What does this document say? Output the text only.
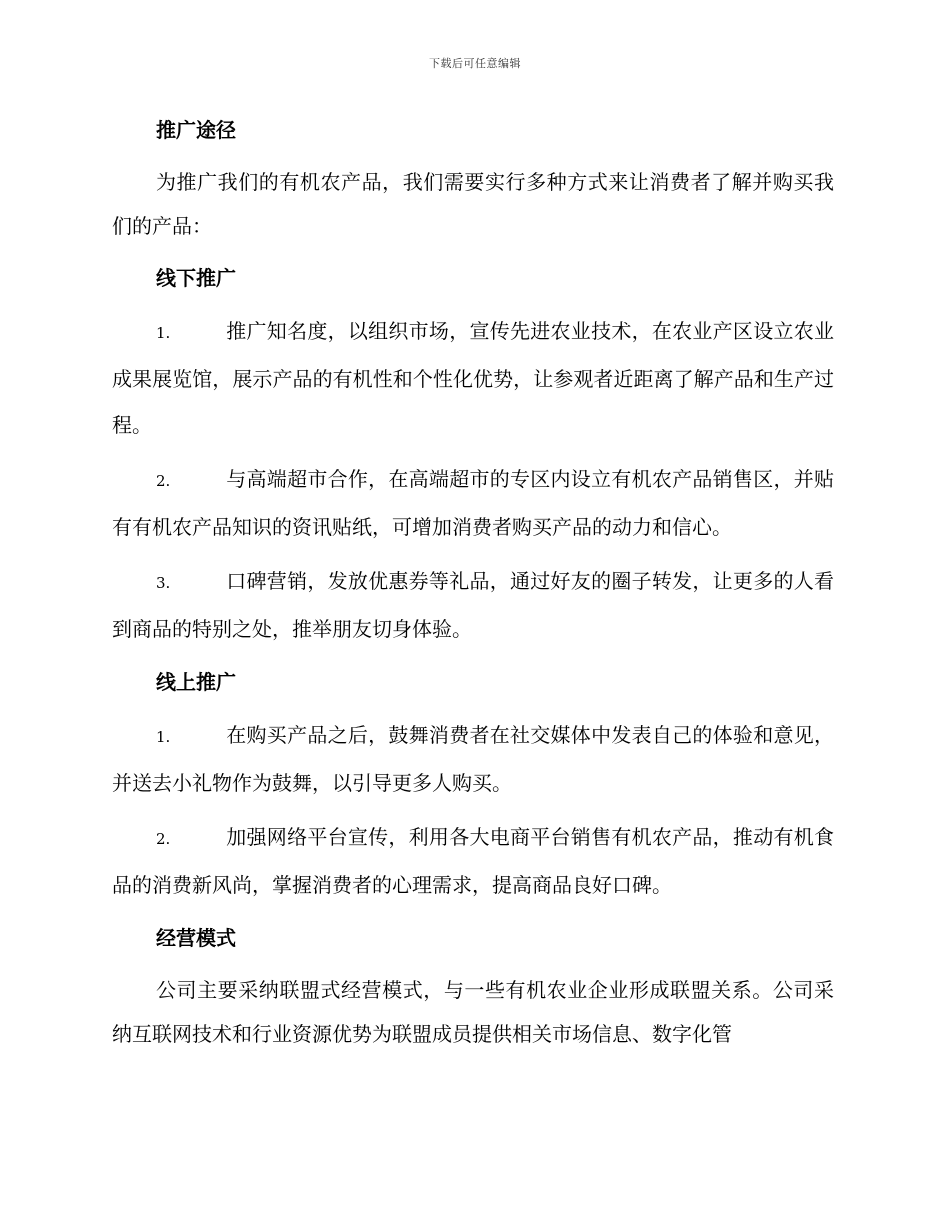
下载后可任意编辑
推广途径

为推广我们的有机农产品，我们需要实行多种方式来让消费者了解并购买我们的产品：

线下推广

1.	推广知名度，以组织市场，宣传先进农业技术，在农业产区设立农业成果展览馆，展示产品的有机性和个性化优势，让参观者近距离了解产品和生产过程。

2.	与高端超市合作，在高端超市的专区内设立有机农产品销售区，并贴有有机农产品知识的资讯贴纸，可增加消费者购买产品的动力和信心。

3.	口碑营销，发放优惠券等礼品，通过好友的圈子转发，让更多的人看到商品的特别之处，推举朋友切身体验。

线上推广

1.	在购买产品之后，鼓舞消费者在社交媒体中发表自己的体验和意见，并送去小礼物作为鼓舞，以引导更多人购买。

2.	加强网络平台宣传，利用各大电商平台销售有机农产品，推动有机食品的消费新风尚，掌握消费者的心理需求，提高商品良好口碑。

经营模式

公司主要采纳联盟式经营模式，与一些有机农业企业形成联盟关系。公司采纳互联网技术和行业资源优势为联盟成员提供相关市场信息、数字化管
